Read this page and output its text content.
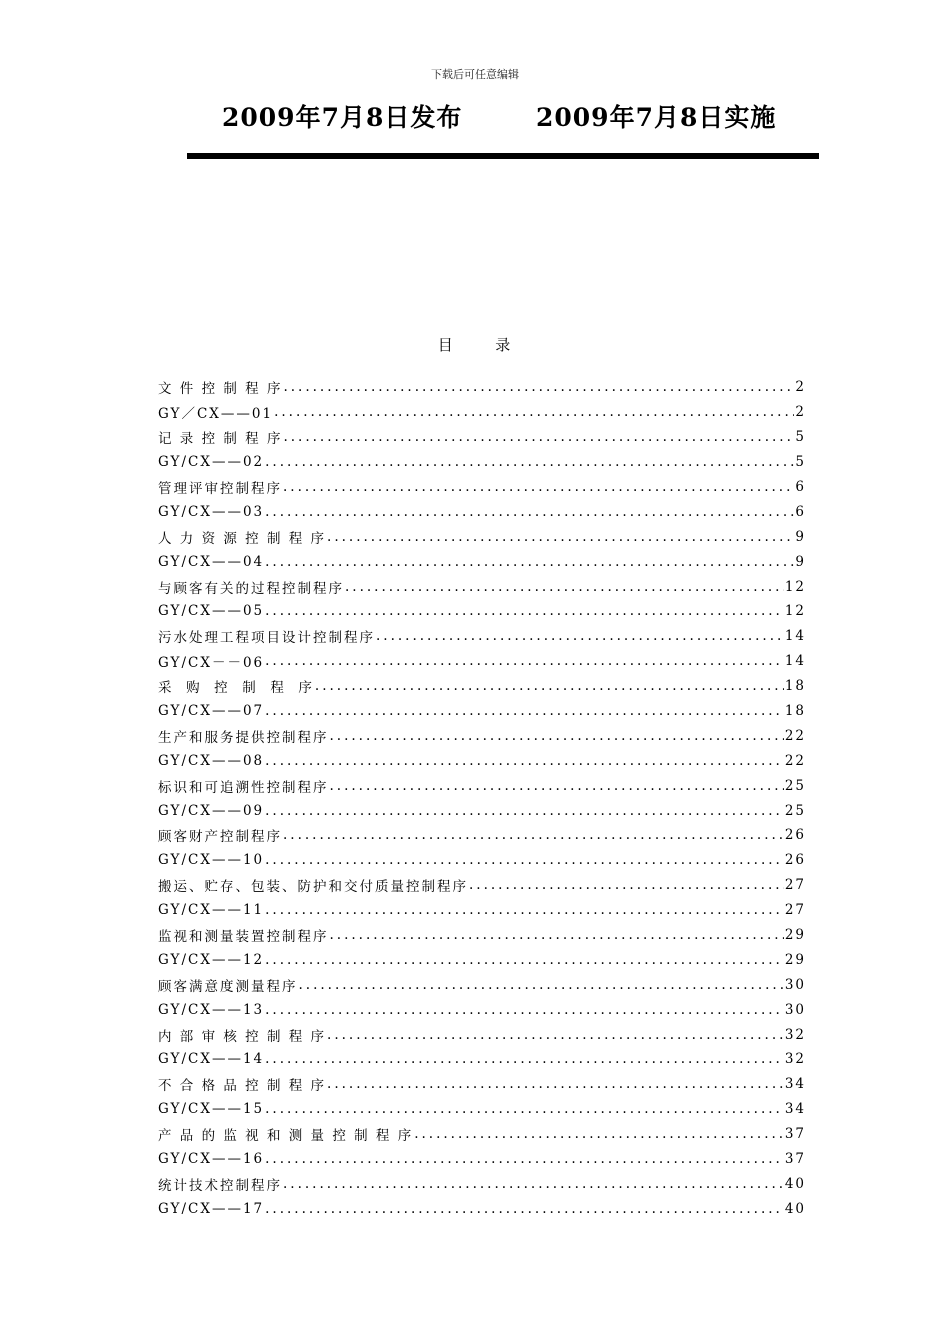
下载后可任意编辑
2009年7月8日发布	2009年7月8日实施
目      录
文 件 控 制 程 序 .....	2
GY／CX——01 .....	2
记 录 控 制 程 序 .....	5
GY/CX——02 .....	5
管理评审控制程序 .....	6
GY/CX——03 .....	6
人 力 资 源 控 制 程 序 .....	9
GY/CX——04 .....	9
与顾客有关的过程控制程序 .....	12
GY/CX——05 .....	12
污水处理工程项目设计控制程序 .....	14
GY/CX－－06 .....	14
采  购  控  制  程  序 .....	18
GY/CX——07 .....	18
生产和服务提供控制程序 .....	22
GY/CX——08 .....	22
标识和可追溯性控制程序 .....	25
GY/CX——09 .....	25
顾客财产控制程序 .....	26
GY/CX——10 .....	26
搬运、贮存、包装、防护和交付质量控制程序 .....	27
GY/CX——11 .....	27
监视和测量装置控制程序 .....	29
GY/CX——12 .....	29
顾客满意度测量程序 .....	30
GY/CX——13 .....	30
内 部 审 核 控 制 程 序 .....	32
GY/CX——14 .....	32
不 合 格 品 控 制 程 序 .....	34
GY/CX——15 .....	34
产 品 的 监 视 和 测 量 控 制 程 序 .....	37
GY/CX——16 .....	37
统计技术控制程序 .....	40
GY/CX——17 .....	40
